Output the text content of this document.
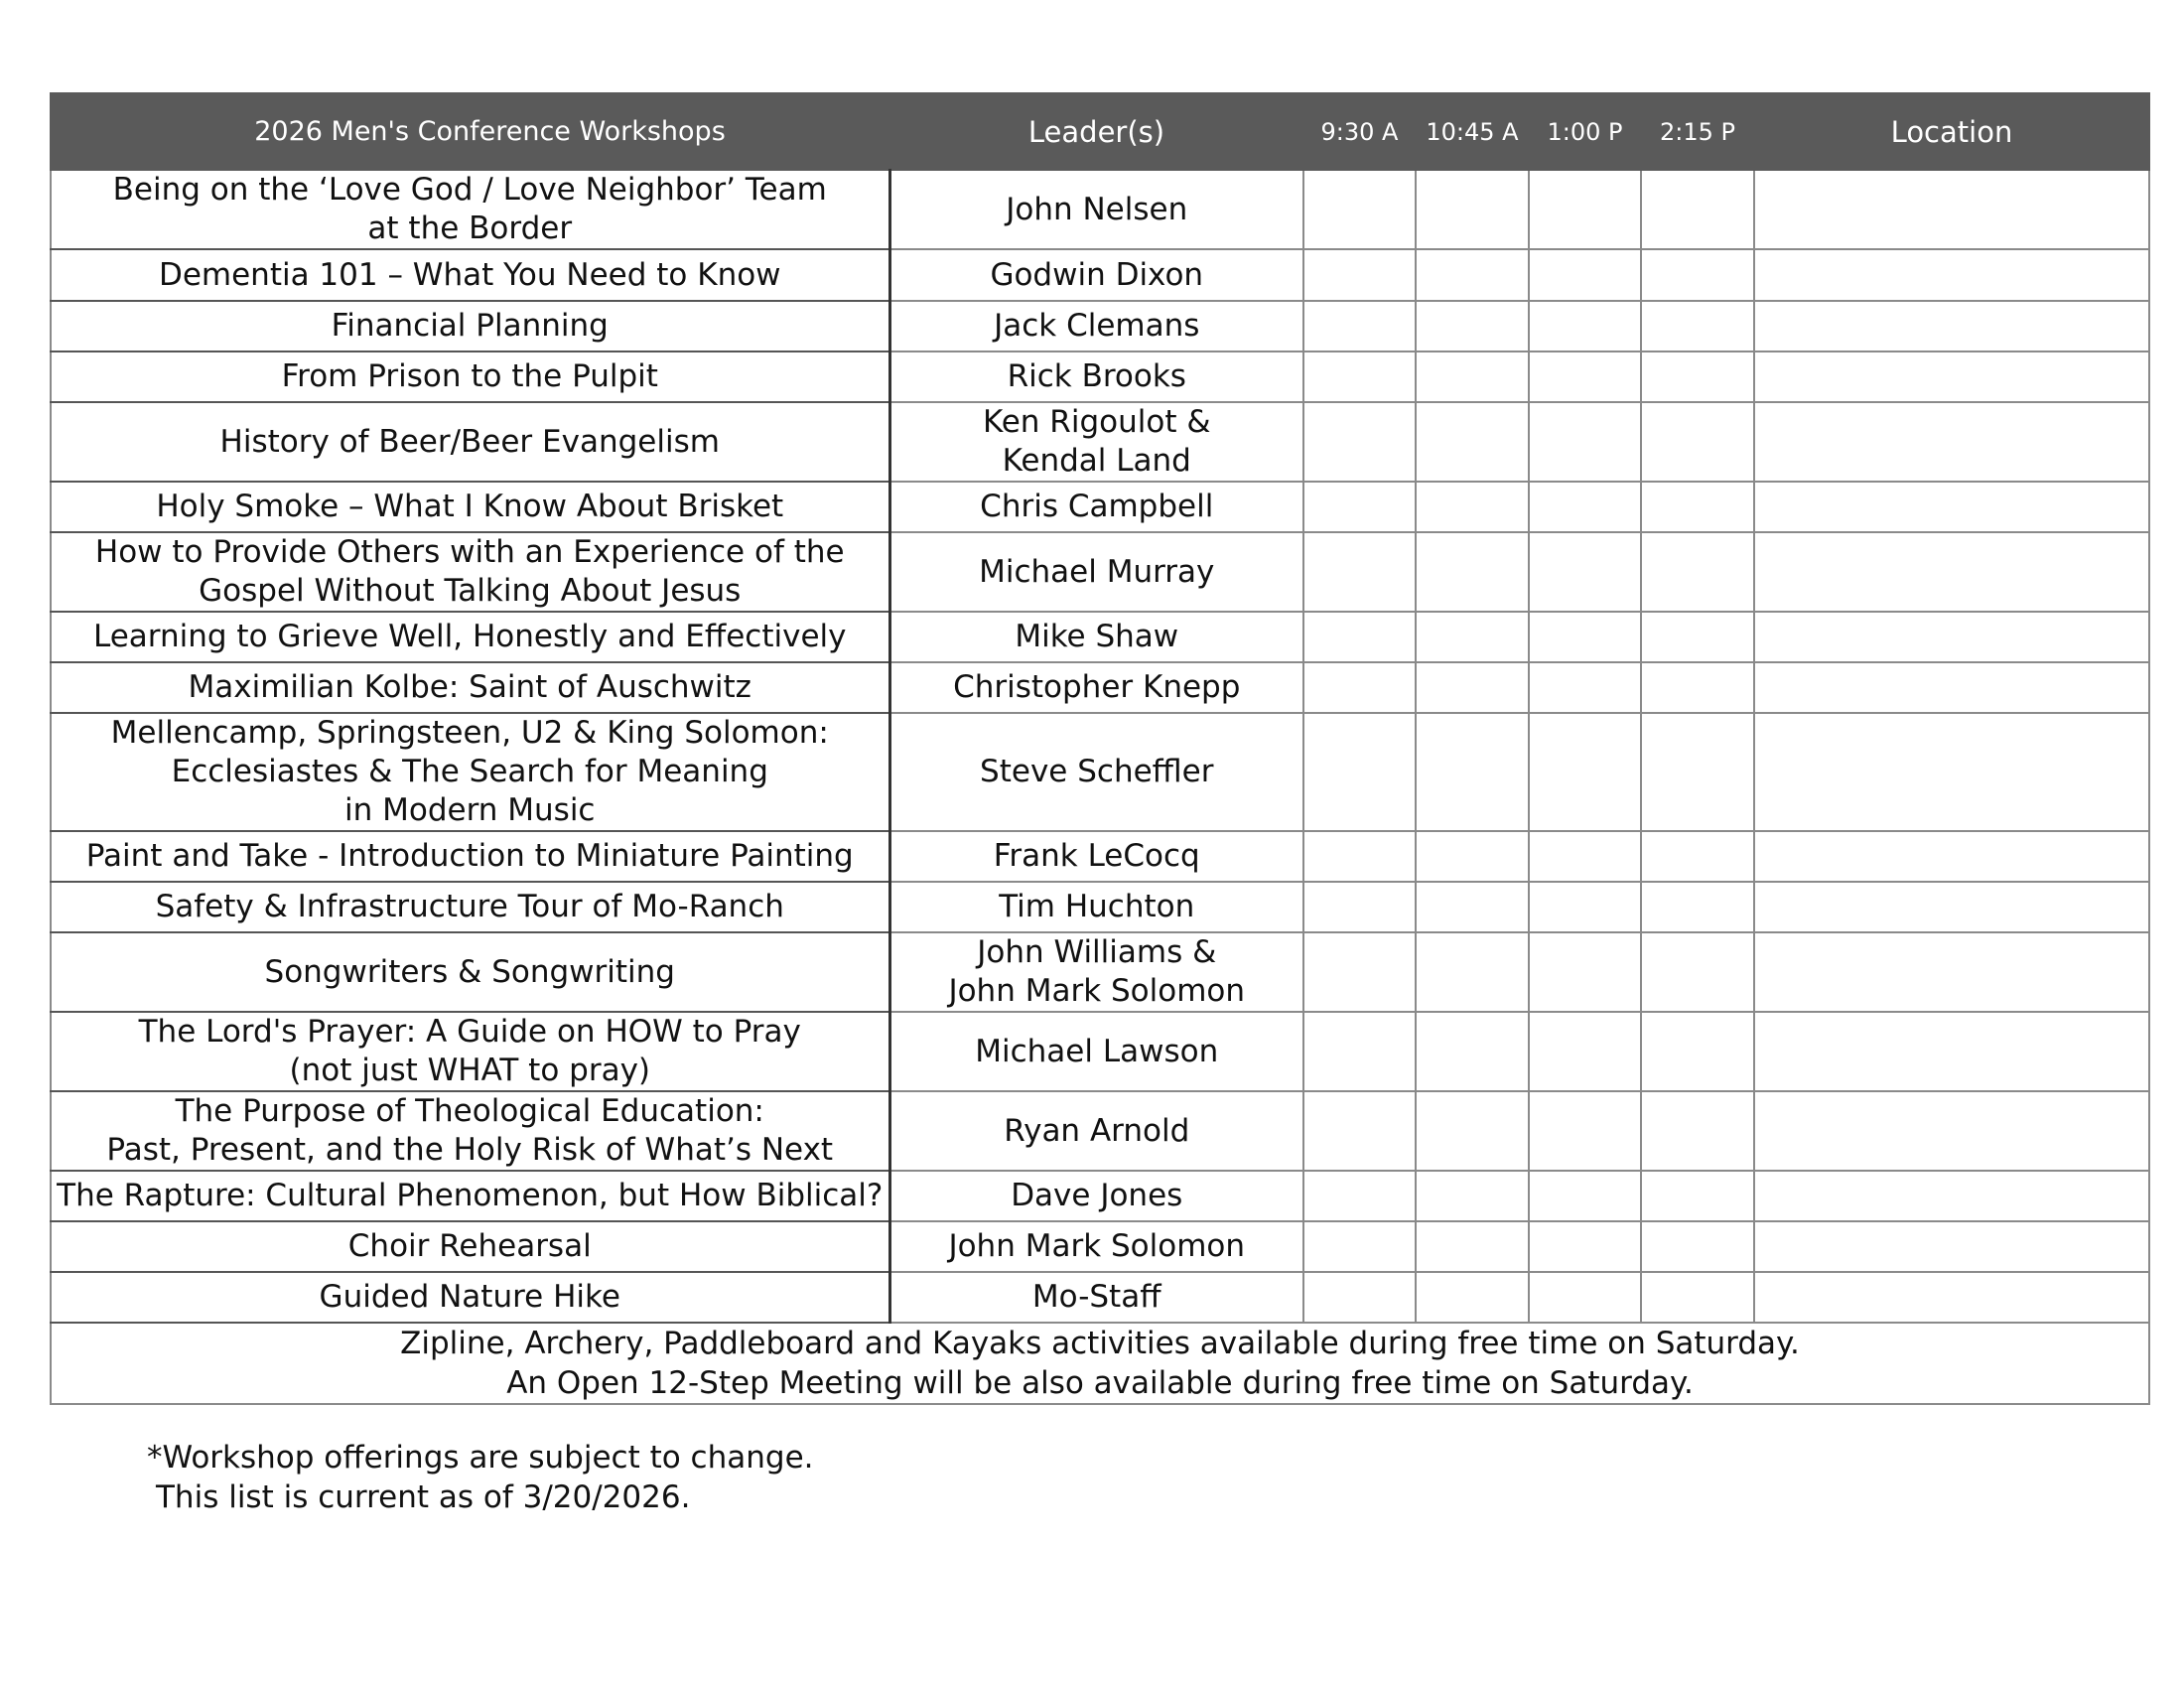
2026 Men's Conference Workshops	Leader(s)	9:30 A	10:45 A	1:00 P	2:15 P	Location

Being on the ‘Love God / Love Neighbor’ Team
at the Border	John Nelsen					

Dementia 101 – What You Need to Know	Godwin Dixon					

Financial Planning	Jack Clemans					

From Prison to the Pulpit	Rick Brooks					

History of Beer/Beer Evangelism	Ken Rigoulot &
Kendal Land					

Holy Smoke – What I Know About Brisket	Chris Campbell					

How to Provide Others with an Experience of the
Gospel Without Talking About Jesus	Michael Murray					

Learning to Grieve Well, Honestly and Effectively	Mike Shaw					

Maximilian Kolbe: Saint of Auschwitz	Christopher Knepp					

Mellencamp, Springsteen, U2 & King Solomon:
Ecclesiastes & The Search for Meaning
in Modern Music	Steve Scheffler					

Paint and Take - Introduction to Miniature Painting	Frank LeCocq					

Safety & Infrastructure Tour of Mo-Ranch	Tim Huchton					

Songwriters & Songwriting	John Williams &
John Mark Solomon					

The Lord's Prayer: A Guide on HOW to Pray
(not just WHAT to pray)	Michael Lawson					

The Purpose of Theological Education:
Past, Present, and the Holy Risk of What’s Next	Ryan Arnold					

The Rapture: Cultural Phenomenon, but How Biblical?	Dave Jones					

Choir Rehearsal	John Mark Solomon					

Guided Nature Hike	Mo-Staff					

Zipline, Archery, Paddleboard and Kayaks activities available during free time on Saturday.
An Open 12-Step Meeting will be also available during free time on Saturday.						
*Workshop offerings are subject to change.
This list is current as of 3/20/2026.
